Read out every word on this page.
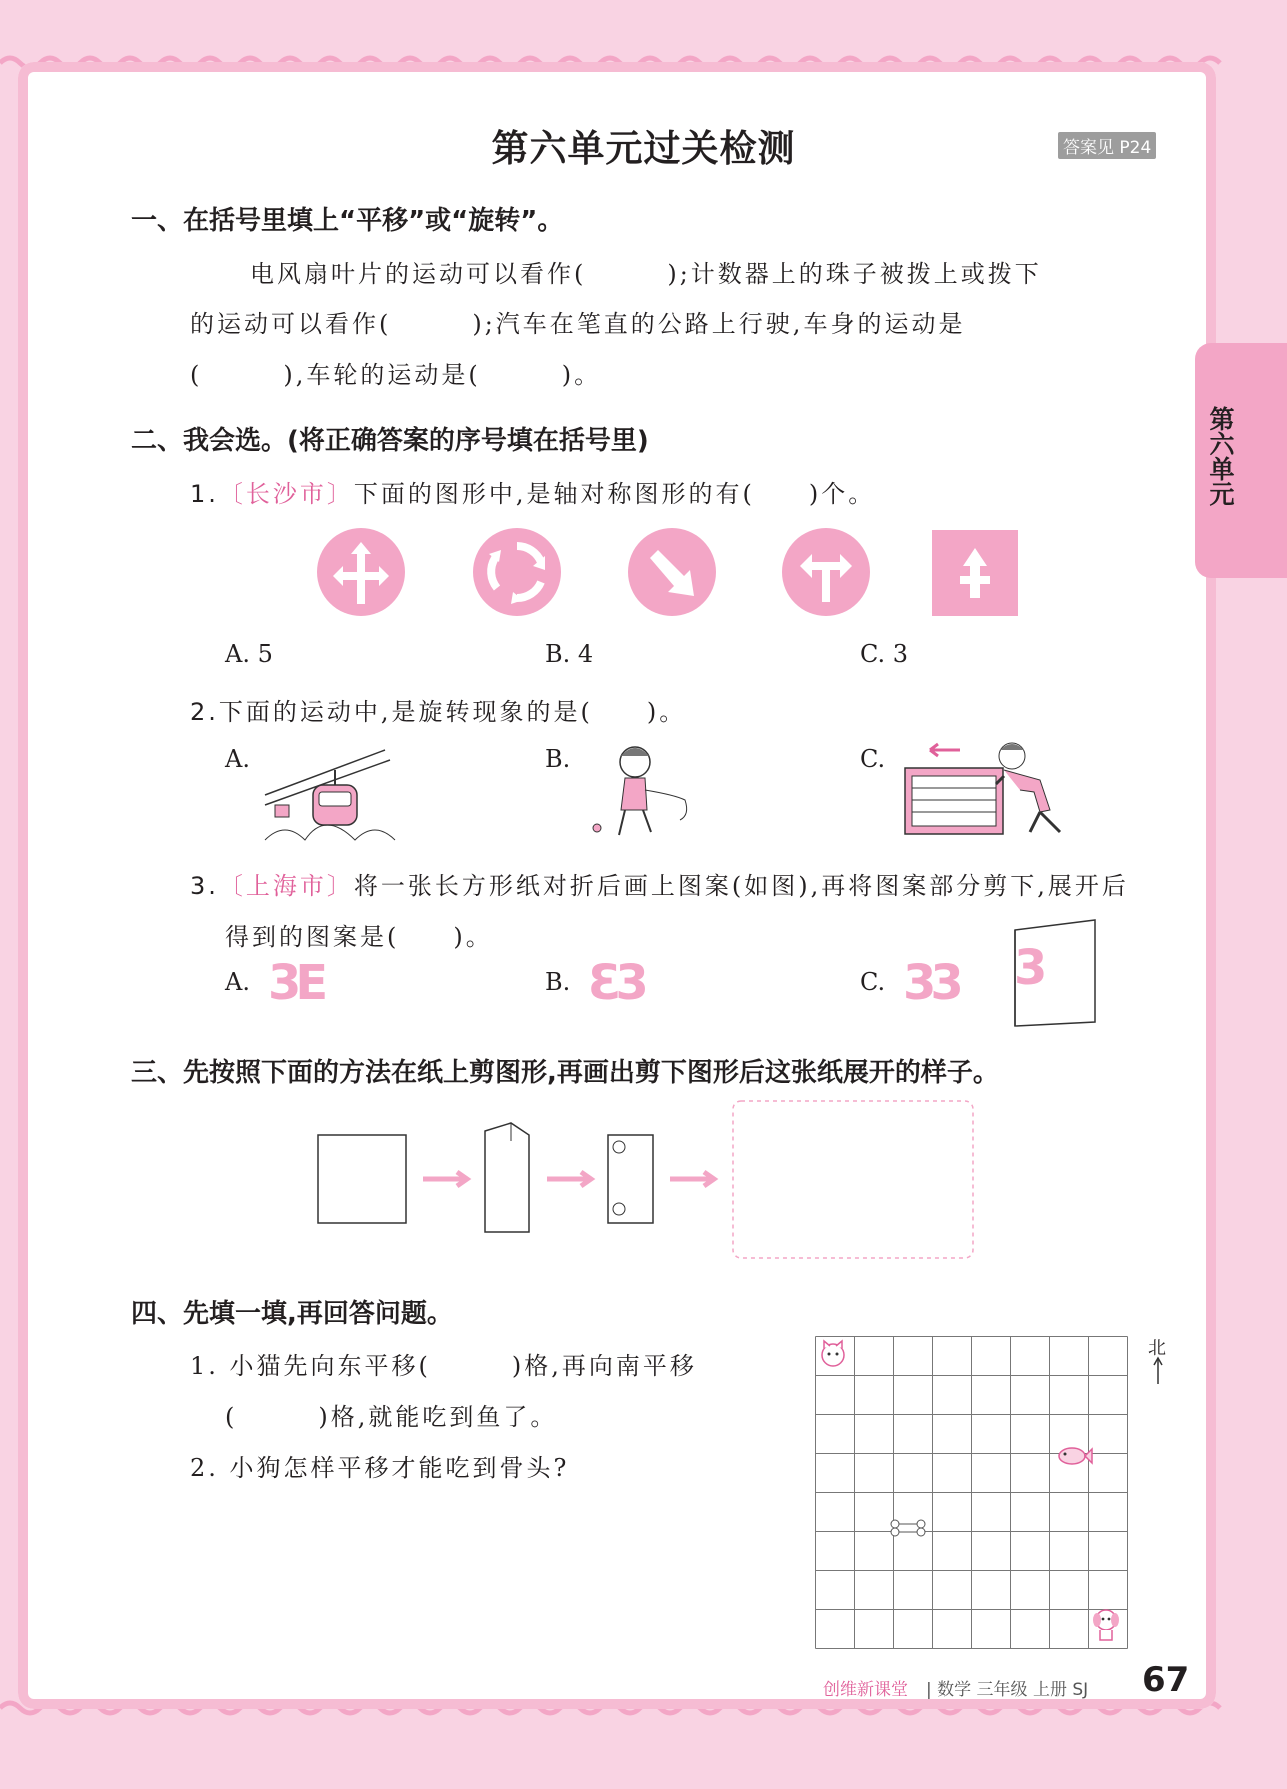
第六单元
第六单元过关检测	答案见 P24
一、在括号里填上“平移”或“旋转”。
电风扇叶片的运动可以看作(　　　);计数器上的珠子被拨上或拨下
的运动可以看作(　　　);汽车在笔直的公路上行驶,车身的运动是
(　　　),车轮的运动是(　　　)。
二、我会选。(将正确答案的序号填在括号里)
1.〔长沙市〕下面的图形中,是轴对称图形的有(　　)个。
A. 5	B. 4	C. 3
2.下面的运动中,是旋转现象的是(　　)。
A.	B.	C.
3.〔上海市〕将一张长方形纸对折后画上图案(如图),再将图案部分剪下,展开后
得到的图案是(　　)。
A. 3E	B. Ɛ3	C. 33 3
三、先按照下面的方法在纸上剪图形,再画出剪下图形后这张纸展开的样子。
四、先填一填,再回答问题。
1. 小猫先向东平移(　　　)格,再向南平移
(　　　)格,就能吃到鱼了。
2. 小狗怎样平移才能吃到骨头?
北
创维新课堂 | 数学 三年级 上册 SJ 67
